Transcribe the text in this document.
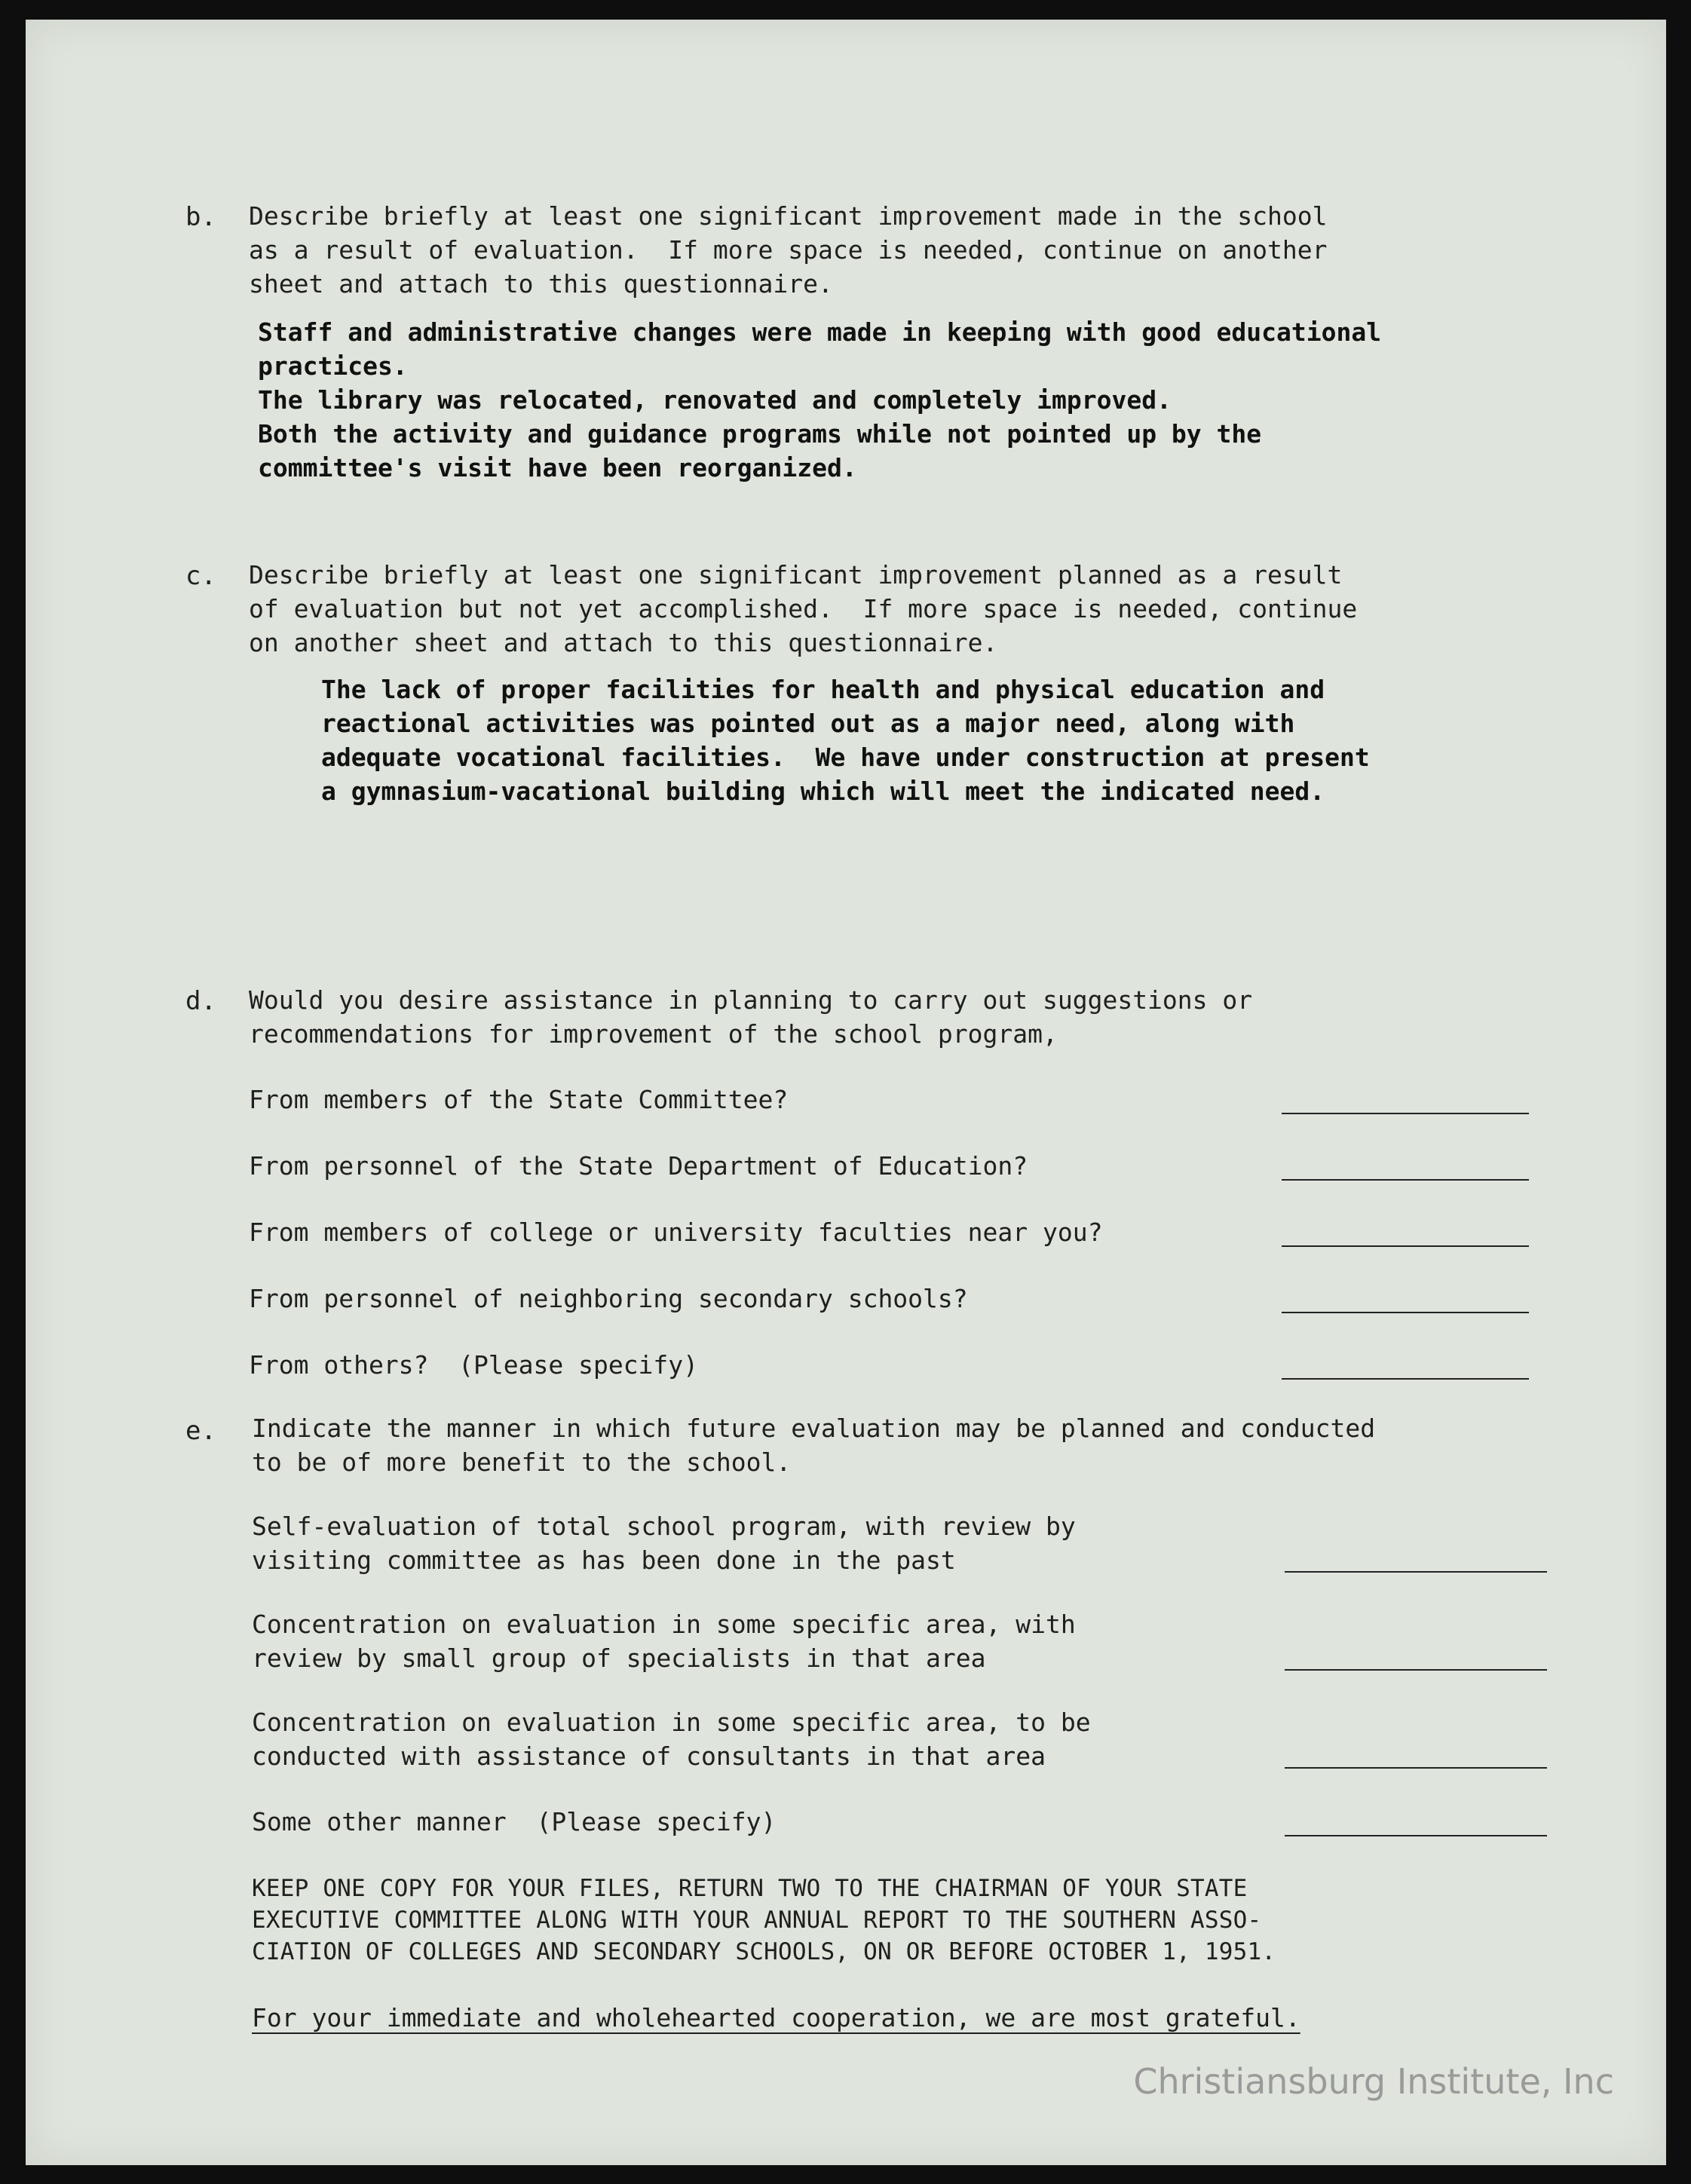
b. Describe briefly at least one significant improvement made in the school
as a result of evaluation.  If more space is needed, continue on another
sheet and attach to this questionnaire.

Staff and administrative changes were made in keeping with good educational
practices.
The library was relocated, renovated and completely improved.
Both the activity and guidance programs while not pointed up by the
committee's visit have been reorganized.

c. Describe briefly at least one significant improvement planned as a result
of evaluation but not yet accomplished.  If more space is needed, continue
on another sheet and attach to this questionnaire.

The lack of proper facilities for health and physical education and
reactional activities was pointed out as a major need, along with
adequate vocational facilities.  We have under construction at present
a gymnasium-vacational building which will meet the indicated need.

d. Would you desire assistance in planning to carry out suggestions or
recommendations for improvement of the school program,

From members of the State Committee?

From personnel of the State Department of Education?

From members of college or university faculties near you?

From personnel of neighboring secondary schools?

From others?  (Please specify)

e. Indicate the manner in which future evaluation may be planned and conducted
to be of more benefit to the school.

Self-evaluation of total school program, with review by
visiting committee as has been done in the past

Concentration on evaluation in some specific area, with
review by small group of specialists in that area

Concentration on evaluation in some specific area, to be
conducted with assistance of consultants in that area

Some other manner  (Please specify)

KEEP ONE COPY FOR YOUR FILES, RETURN TWO TO THE CHAIRMAN OF YOUR STATE
EXECUTIVE COMMITTEE ALONG WITH YOUR ANNUAL REPORT TO THE SOUTHERN ASSO-
CIATION OF COLLEGES AND SECONDARY SCHOOLS, ON OR BEFORE OCTOBER 1, 1951.

For your immediate and wholehearted cooperation, we are most grateful.

Christiansburg Institute, Inc
